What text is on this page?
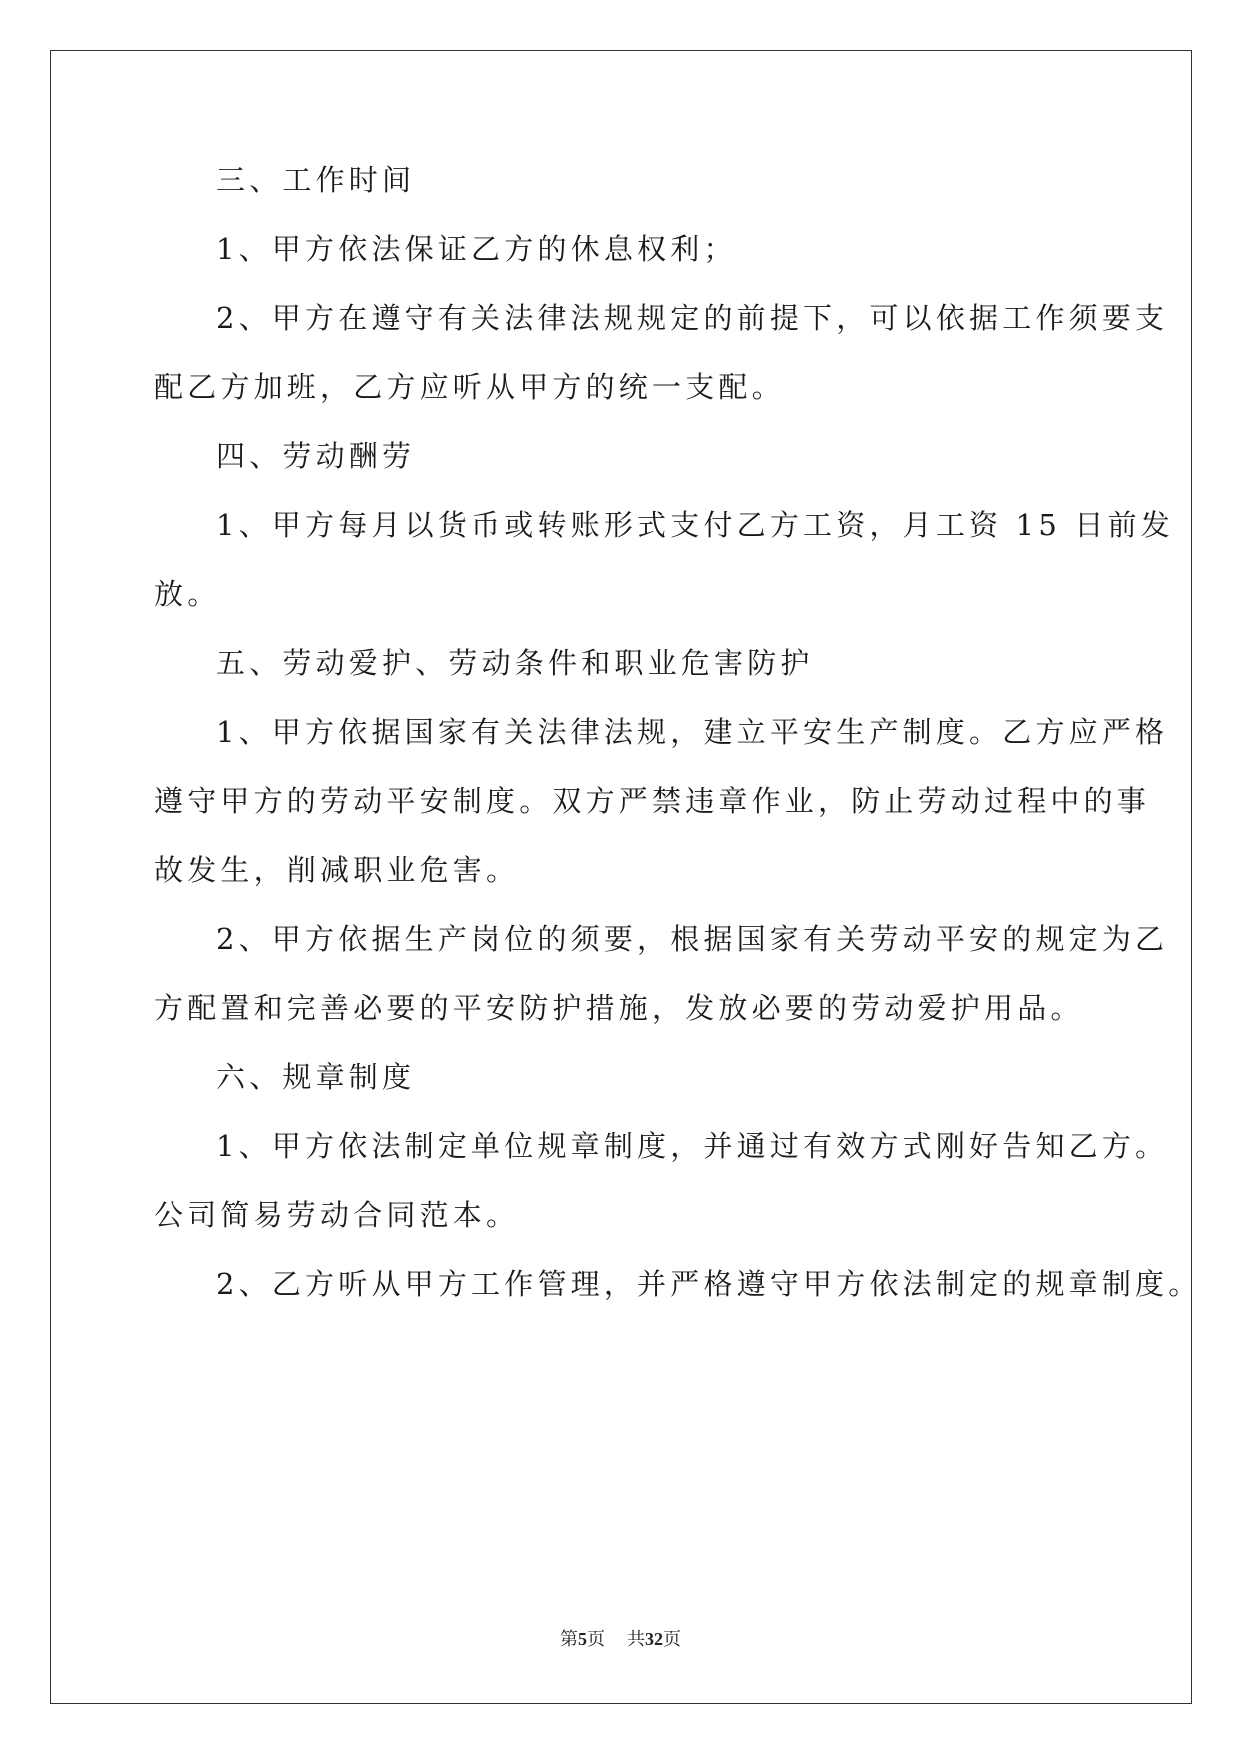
三、工作时间
1、甲方依法保证乙方的休息权利；
2、甲方在遵守有关法律法规规定的前提下，可以依据工作须要支
配乙方加班，乙方应听从甲方的统一支配。
四、劳动酬劳
1、甲方每月以货币或转账形式支付乙方工资，月工资 15 日前发
放。
五、劳动爱护、劳动条件和职业危害防护
1、甲方依据国家有关法律法规，建立平安生产制度。乙方应严格
遵守甲方的劳动平安制度。双方严禁违章作业，防止劳动过程中的事
故发生，削减职业危害。
2、甲方依据生产岗位的须要，根据国家有关劳动平安的规定为乙
方配置和完善必要的平安防护措施，发放必要的劳动爱护用品。
六、规章制度
1、甲方依法制定单位规章制度，并通过有效方式刚好告知乙方。
公司简易劳动合同范本。
2、乙方听从甲方工作管理，并严格遵守甲方依法制定的规章制度。
第5页 共32页
